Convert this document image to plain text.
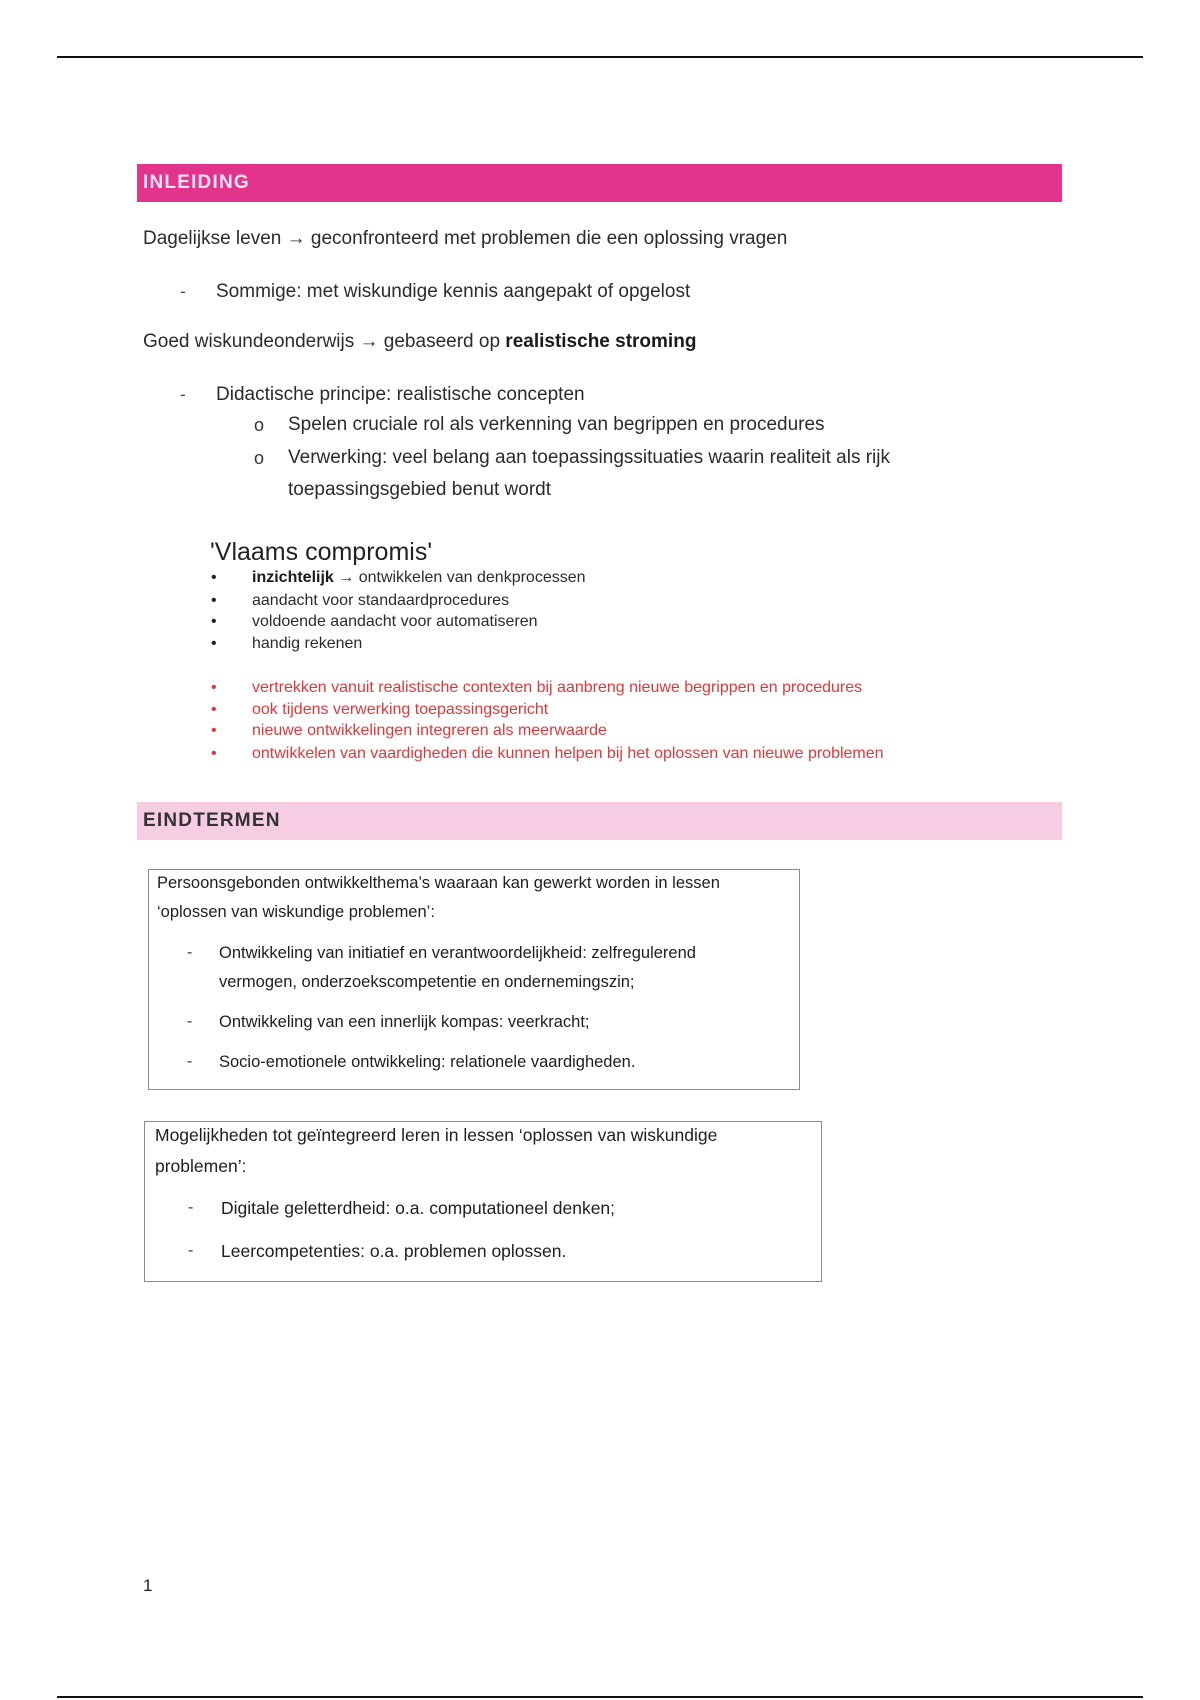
INLEIDING
Dagelijkse leven → geconfronteerd met problemen die een oplossing vragen
- Sommige: met wiskundige kennis aangepakt of opgelost
Goed wiskundeonderwijs → gebaseerd op realistische stroming
- Didactische principe: realistische concepten
o Spelen cruciale rol als verkenning van begrippen en procedures
o Verwerking: veel belang aan toepassingssituaties waarin realiteit als rijk
toepassingsgebied benut wordt
'Vlaams compromis'
• inzichtelijk → ontwikkelen van denkprocessen
• aandacht voor standaardprocedures
• voldoende aandacht voor automatiseren
• handig rekenen
• vertrekken vanuit realistische contexten bij aanbreng nieuwe begrippen en procedures
• ook tijdens verwerking toepassingsgericht
• nieuwe ontwikkelingen integreren als meerwaarde
• ontwikkelen van vaardigheden die kunnen helpen bij het oplossen van nieuwe problemen
EINDTERMEN
Persoonsgebonden ontwikkelthema’s waaraan kan gewerkt worden in lessen
‘oplossen van wiskundige problemen’:
- Ontwikkeling van initiatief en verantwoordelijkheid: zelfregulerend
vermogen, onderzoekscompetentie en ondernemingszin;
- Ontwikkeling van een innerlijk kompas: veerkracht;
- Socio-emotionele ontwikkeling: relationele vaardigheden.
Mogelijkheden tot geïntegreerd leren in lessen ‘oplossen van wiskundige
problemen’:
- Digitale geletterdheid: o.a. computationeel denken;
- Leercompetenties: o.a. problemen oplossen.
1
